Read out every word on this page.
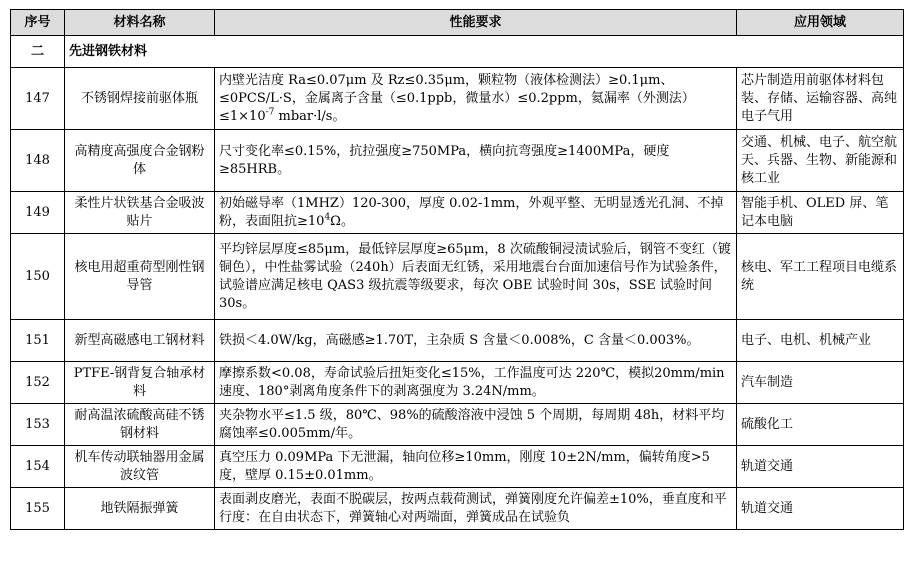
序号	材料名称	性能要求	应用领域
二	先进钢铁材料		
147	不锈钢焊接前驱体瓶	内壁光洁度 Ra≤0.07μm 及 Rz≤0.35μm，颗粒物（液体检测法）≥0.1μm、≤0PCS/L·S，金属离子含量（≤0.1ppb，微量水）≤0.2ppm，氦漏率（外测法）$\le 1\times 10^{-7}$ mbar·l/s。	芯片制造用前驱体材料包装、存储、运输容器、高纯电子气用
148	高精度高强度合金钢粉体	尺寸变化率≤0.15%，抗拉强度≥750MPa，横向抗弯强度≥1400MPa，硬度≥85HRB。	交通、机械、电子、航空航天、兵器、生物、新能源和核工业
149	柔性片状铁基合金吸波贴片	初始磁导率（1MHZ）120-300，厚度 0.02-1mm，外观平整、无明显透光孔洞、不掉粉，表面阻抗$\ge 10^4\Omega$。	智能手机、OLED 屏、笔记本电脑
150	核电用超重荷型刚性钢导管	平均锌层厚度≤85μm，最低锌层厚度≥65μm，8 次硫酸铜浸渍试验后，钢管不变红（镀铜色），中性盐雾试验（240h）后表面无红锈，采用地震台台面加速信号作为试验条件，试验谱应满足核电 QAS3 级抗震等级要求，每次 OBE 试验时间 30s，SSE 试验时间 30s。	核电、军工工程项目电缆系统
151	新型高磁感电工钢材料	铁损＜4.0W/kg，高磁感≥1.70T，主杂质 S 含量＜0.008%，C 含量＜0.003%。	电子、电机、机械产业
152	PTFE-钢背复合轴承材料	摩擦系数<0.08，寿命试验后扭矩变化≤15%，工作温度可达 220℃，模拟20mm/min 速度、180°剥离角度条件下的剥离强度为 3.24N/mm。	汽车制造
153	耐高温浓硫酸高硅不锈钢材料	夹杂物水平≤1.5 级，80℃、98%的硫酸溶液中浸蚀 5 个周期，每周期 48h，材料平均腐蚀率≤0.005mm/年。	硫酸化工
154	机车传动联轴器用金属波纹管	真空压力 0.09MPa 下无泄漏，轴向位移≥10mm，刚度 10±2N/mm，偏转角度>5 度，壁厚 0.15±0.01mm。	轨道交通
155	地铁隔振弹簧	表面剥皮磨光，表面不脱碳层，按两点载荷测试，弹簧刚度允许偏差±10%，垂直度和平行度：在自由状态下，弹簧轴心对两端面，弹簧成品在试验负	轨道交通
